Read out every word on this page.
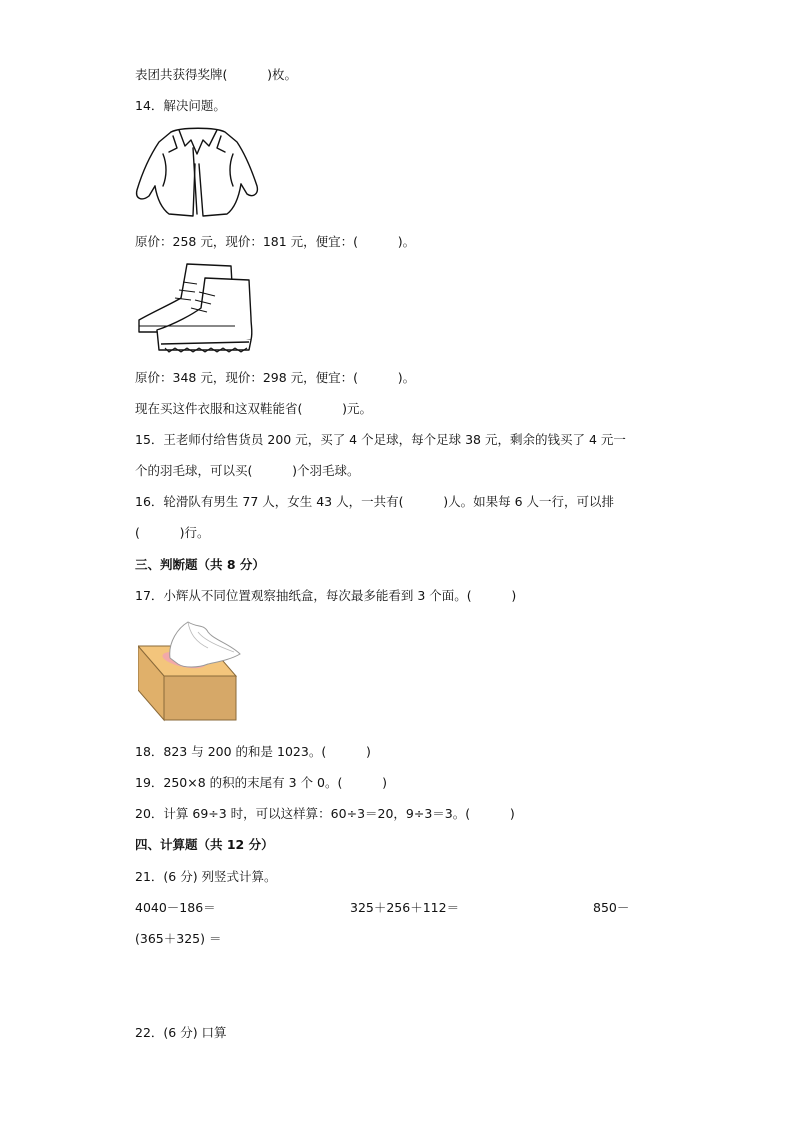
表团共获得奖牌(          )枚。
14．解决问题。
原价：258 元，现价：181 元，便宜：(          )。
原价：348 元，现价：298 元，便宜：(          )。
现在买这件衣服和这双鞋能省(          )元。
15．王老师付给售货员 200 元，买了 4 个足球，每个足球 38 元，剩余的钱买了 4 元一
个的羽毛球，可以买(          )个羽毛球。
16．轮滑队有男生 77 人，女生 43 人，一共有(          )人。如果每 6 人一行，可以排
(          )行。
三、判断题（共 8 分）
17．小辉从不同位置观察抽纸盒，每次最多能看到 3 个面。(          )
18．823 与 200 的和是 1023。(          )
19．250×8 的积的末尾有 3 个 0。(          )
20．计算 69÷3 时，可以这样算：60÷3＝20，9÷3＝3。(          )
四、计算题（共 12 分）
21．(6 分) 列竖式计算。
4040－186＝	325＋256＋112＝	850－
(365＋325) ＝
22．(6 分) 口算
